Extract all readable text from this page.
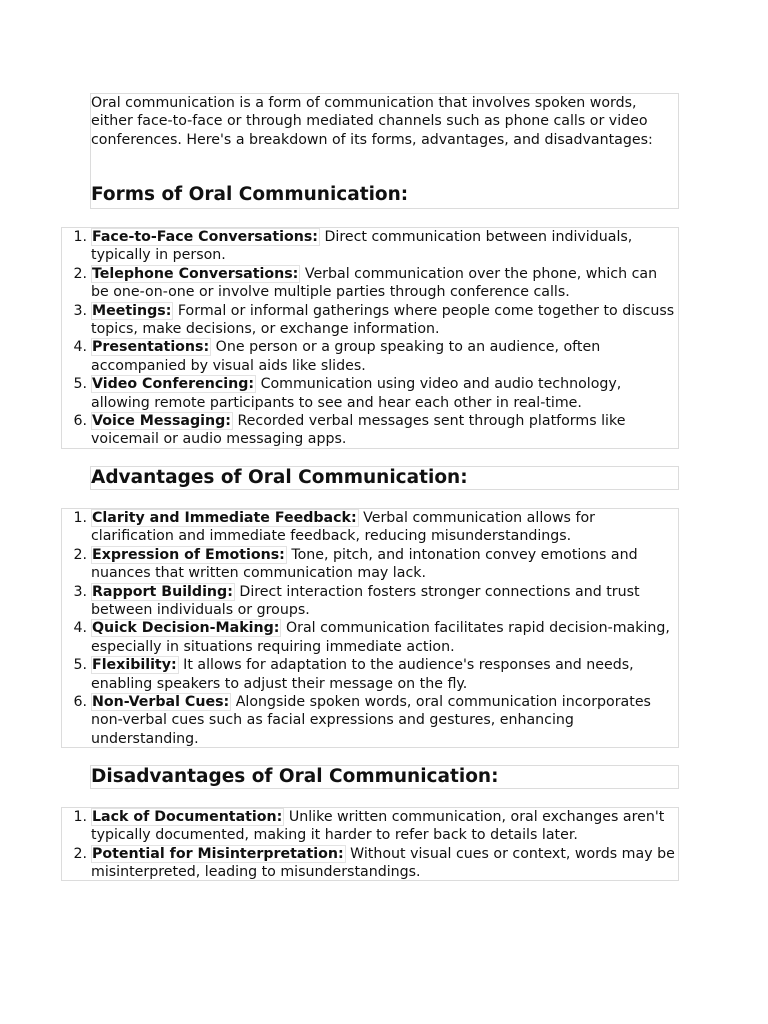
Oral communication is a form of communication that involves spoken words, either face-to-face or through mediated channels such as phone calls or video conferences. Here's a breakdown of its forms, advantages, and disadvantages:

Forms of Oral Communication:
Face-to-Face Conversations: Direct communication between individuals, typically in person.
Telephone Conversations: Verbal communication over the phone, which can be one-on-one or involve multiple parties through conference calls.
Meetings: Formal or informal gatherings where people come together to discuss topics, make decisions, or exchange information.
Presentations: One person or a group speaking to an audience, often accompanied by visual aids like slides.
Video Conferencing: Communication using video and audio technology, allowing remote participants to see and hear each other in real-time.
Voice Messaging: Recorded verbal messages sent through platforms like voicemail or audio messaging apps.
Advantages of Oral Communication:
Clarity and Immediate Feedback: Verbal communication allows for clarification and immediate feedback, reducing misunderstandings.
Expression of Emotions: Tone, pitch, and intonation convey emotions and nuances that written communication may lack.
Rapport Building: Direct interaction fosters stronger connections and trust between individuals or groups.
Quick Decision-Making: Oral communication facilitates rapid decision-making, especially in situations requiring immediate action.
Flexibility: It allows for adaptation to the audience's responses and needs, enabling speakers to adjust their message on the fly.
Non-Verbal Cues: Alongside spoken words, oral communication incorporates non-verbal cues such as facial expressions and gestures, enhancing understanding.
Disadvantages of Oral Communication:
Lack of Documentation: Unlike written communication, oral exchanges aren't typically documented, making it harder to refer back to details later.
Potential for Misinterpretation: Without visual cues or context, words may be misinterpreted, leading to misunderstandings.
